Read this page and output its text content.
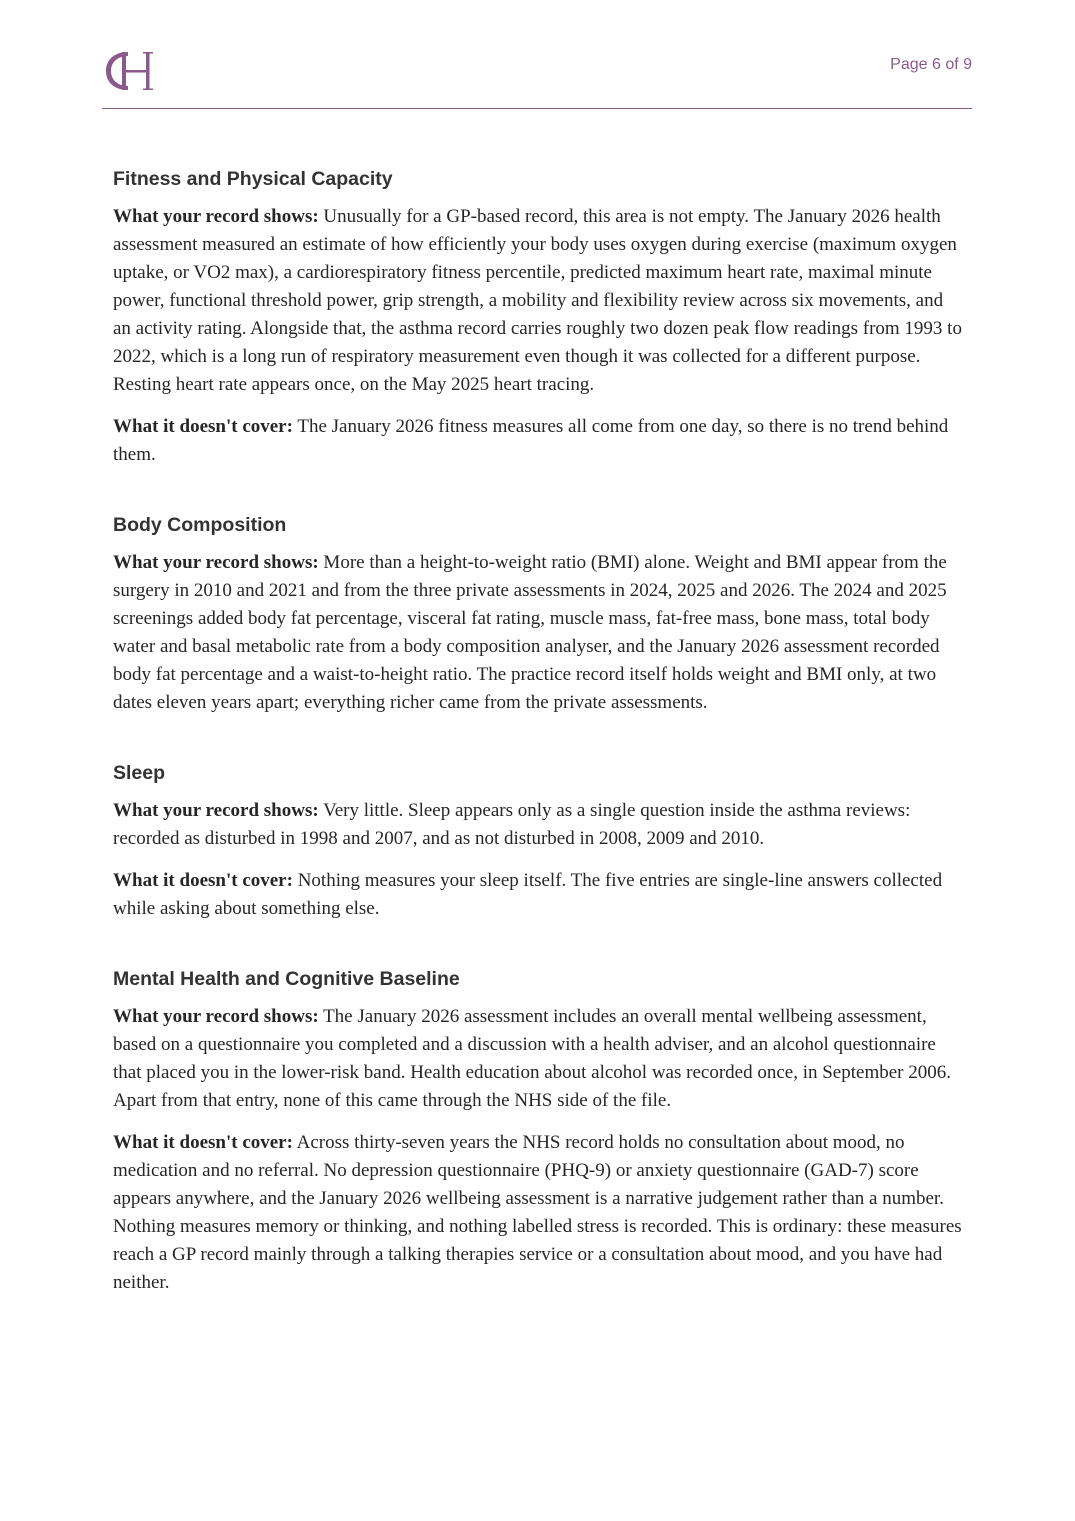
Page 6 of 9
Fitness and Physical Capacity

What your record shows: Unusually for a GP-based record, this area is not empty. The January 2026 health assessment measured an estimate of how efficiently your body uses oxygen during exercise (maximum oxygen uptake, or VO2 max), a cardiorespiratory fitness percentile, predicted maximum heart rate, maximal minute power, functional threshold power, grip strength, a mobility and flexibility review across six movements, and an activity rating. Alongside that, the asthma record carries roughly two dozen peak flow readings from 1993 to 2022, which is a long run of respiratory measurement even though it was collected for a different purpose. Resting heart rate appears once, on the May 2025 heart tracing.

What it doesn't cover: The January 2026 fitness measures all come from one day, so there is no trend behind them.

Body Composition

What your record shows: More than a height-to-weight ratio (BMI) alone. Weight and BMI appear from the surgery in 2010 and 2021 and from the three private assessments in 2024, 2025 and 2026. The 2024 and 2025 screenings added body fat percentage, visceral fat rating, muscle mass, fat-free mass, bone mass, total body water and basal metabolic rate from a body composition analyser, and the January 2026 assessment recorded body fat percentage and a waist-to-height ratio. The practice record itself holds weight and BMI only, at two dates eleven years apart; everything richer came from the private assessments.

Sleep

What your record shows: Very little. Sleep appears only as a single question inside the asthma reviews: recorded as disturbed in 1998 and 2007, and as not disturbed in 2008, 2009 and 2010.

What it doesn't cover: Nothing measures your sleep itself. The five entries are single-line answers collected while asking about something else.

Mental Health and Cognitive Baseline

What your record shows: The January 2026 assessment includes an overall mental wellbeing assessment, based on a questionnaire you completed and a discussion with a health adviser, and an alcohol questionnaire that placed you in the lower-risk band. Health education about alcohol was recorded once, in September 2006. Apart from that entry, none of this came through the NHS side of the file.

What it doesn't cover: Across thirty-seven years the NHS record holds no consultation about mood, no medication and no referral. No depression questionnaire (PHQ-9) or anxiety questionnaire (GAD-7) score appears anywhere, and the January 2026 wellbeing assessment is a narrative judgement rather than a number. Nothing measures memory or thinking, and nothing labelled stress is recorded. This is ordinary: these measures reach a GP record mainly through a talking therapies service or a consultation about mood, and you have had neither.
